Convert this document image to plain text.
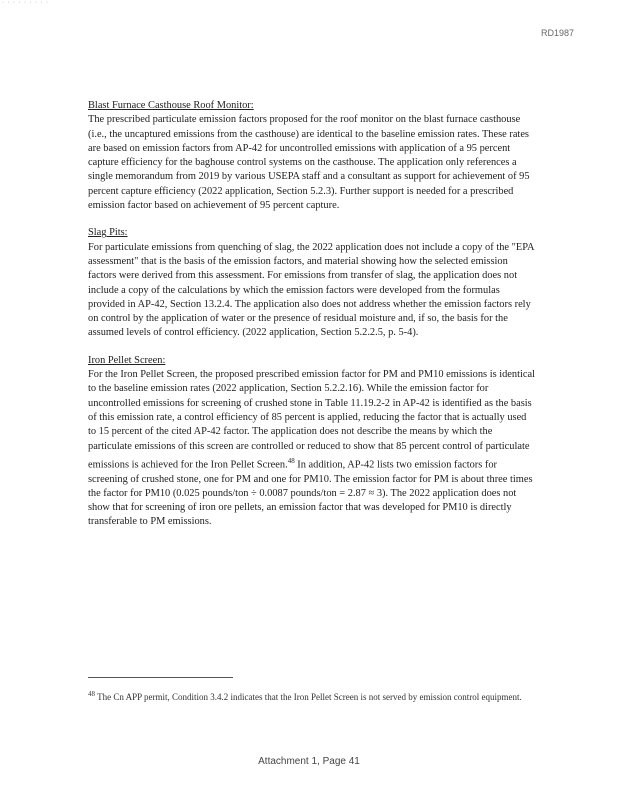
· · · · · · · · ·
RD1987

Blast Furnace Casthouse Roof Monitor:

The prescribed particulate emission factors proposed for the roof monitor on the blast furnace casthouse (i.e., the uncaptured emissions from the casthouse) are identical to the baseline emission rates. These rates are based on emission factors from AP-42 for uncontrolled emissions with application of a 95 percent capture efficiency for the baghouse control systems on the casthouse. The application only references a single memorandum from 2019 by various USEPA staff and a consultant as support for achievement of 95 percent capture efficiency (2022 application, Section 5.2.3). Further support is needed for a prescribed emission factor based on achievement of 95 percent capture.

Slag Pits:

For particulate emissions from quenching of slag, the 2022 application does not include a copy of the "EPA assessment" that is the basis of the emission factors, and material showing how the selected emission factors were derived from this assessment. For emissions from transfer of slag, the application does not include a copy of the calculations by which the emission factors were developed from the formulas provided in AP-42, Section 13.2.4. The application also does not address whether the emission factors rely on control by the application of water or the presence of residual moisture and, if so, the basis for the assumed levels of control efficiency. (2022 application, Section 5.2.2.5, p. 5-4).

Iron Pellet Screen:

For the Iron Pellet Screen, the proposed prescribed emission factor for PM and PM10 emissions is identical to the baseline emission rates (2022 application, Section 5.2.2.16). While the emission factor for uncontrolled emissions for screening of crushed stone in Table 11.19.2-2 in AP-42 is identified as the basis of this emission rate, a control efficiency of 85 percent is applied, reducing the factor that is actually used to 15 percent of the cited AP-42 factor. The application does not describe the means by which the particulate emissions of this screen are controlled or reduced to show that 85 percent control of particulate emissions is achieved for the Iron Pellet Screen.$^{48}$ In addition, AP-42 lists two emission factors for screening of crushed stone, one for PM and one for PM10. The emission factor for PM is about three times the factor for PM10 (0.025 pounds/ton ÷ 0.0087 pounds/ton = 2.87 ≈ 3). The 2022 application does not show that for screening of iron ore pellets, an emission factor that was developed for PM10 is directly transferable to PM emissions.

$^{48}$ The Cn APP permit, Condition 3.4.2 indicates that the Iron Pellet Screen is not served by emission control equipment.
Attachment 1, Page 41
